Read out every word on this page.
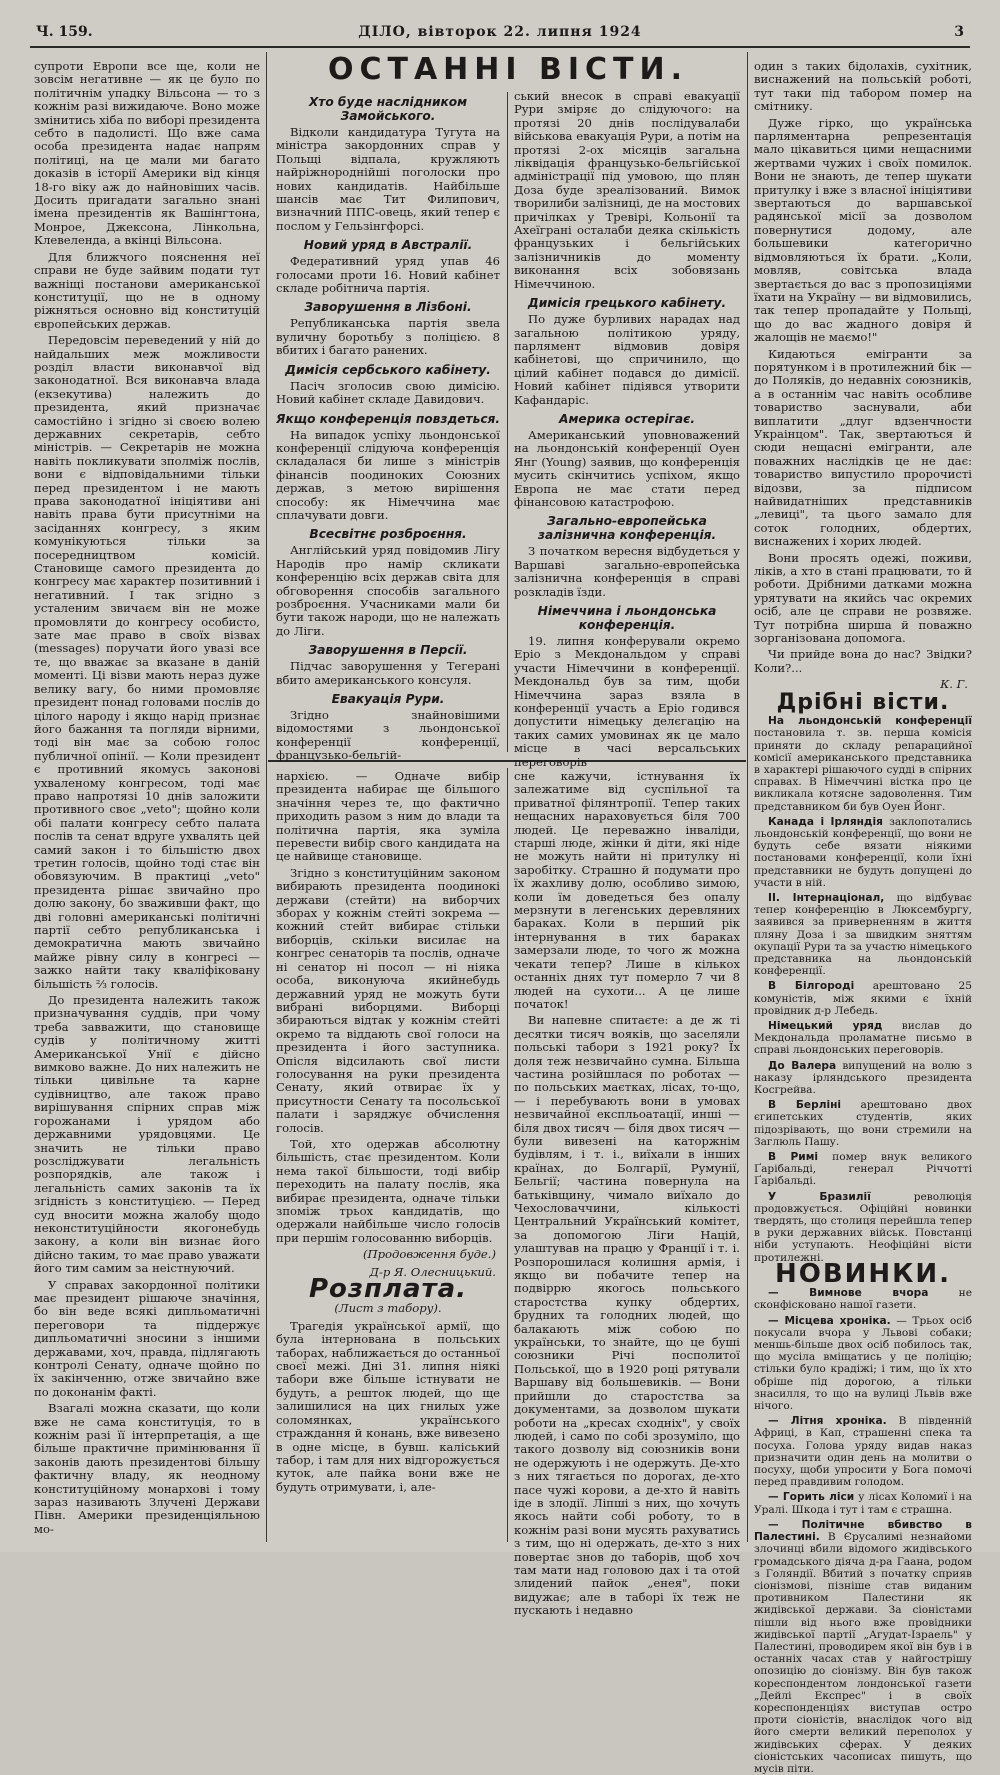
Ч. 159.	ДІЛО, вівторок 22. липня 1924	3

супроти Европи все ще, коли не зовсім негативне — як це було по політичнім упадку Вільсона — то з кожнім разі вижидаюче. Воно може змінитись хіба по виборі президента себто в падолисті. Що вже сама особа президента надає напрям політиці, на це мали ми багато доказів в історії Америки від кінця 18-го віку аж до найновіших часів. Досить пригадати загально знані імена президентів як Вашінгтона, Монрое, Джексона, Лінкольна, Клевеленда, а вкінці Вільсона.

Для ближчого пояснення неї справи не буде зайвим подати тут важніщі постанови американської конституції, що не в одному ріжняться основно від конституцій європейських держав.

Передовсім переведений у ній до найдальших меж можливости розділ власти виконавчої від законодатної. Вся виконавча влада (екзекутива) належить до президента, який призначає самостійно і згідно зі своєю волею державних секретарів, себто міністрів. — Секретарів не можна навіть покликувати зполміж послів, вони є відповідальними тільки перед президентом і не мають права законодатної ініціятиви ані навіть права бути присутніми на засіданнях конгресу, з яким комунікуються тільки за посередництвом комісій. Становище самого президента до конгресу має характер позитивний і негативний. І так згідно з усталеним звичаєм він не може промовляти до конгресу особисто, зате має право в своїх візвах (messages) поручати його увазі все те, що вважає за вказане в даній моменті. Ці візви мають нераз дуже велику вагу, бо ними промовляє президент понад головами послів до цілого народу і якщо нарід признає його бажання та погляди вірними, тоді він має за собою голос публичної опінії. — Коли президент є противний якомусь законові ухваленому конгресом, тоді має право напротязі 10 днів заложити противного своє „veto"; щойно коли обі палати конгресу себто палата послів та сенат вдруге ухвалять цей самий закон і то більшістю двох третин голосів, щойно тоді стає він обовязуючим. В практиці „veto" президента рішає звичайно про долю закону, бо зваживши факт, що дві головні американські політичні партії себто републиканська і демократична мають звичайно майже рівну силу в конгресі — зажко найти таку кваліфіковану більшість ⅔ голосів.

До президента належить також призначування суддів, при чому треба завважити, що становище судів у політичному житті Американської Унії є дійсно вимково важне. До них належить не тільки цивільне та карне судівництво, але також право вирішування спірних справ між горожанами і урядом або державними урядовцями. Це значить не тільки право розсліджувати легальність розпорядків, але також і легальність самих законів та їх згідність з конституцією. — Перед суд вносити можна жалобу щодо неконституційности якогонебудь закону, а коли він визнає його дійсно таким, то має право уважати його тим самим за неістнуючий.

У справах закордонної політики має президент рішаюче значіння, бо він веде всякі дипльоматичні переговори та піддержує дипльоматичні зносини з іншими державами, хоч, правда, підлягають контролі Сенату, одначе щойно по їх закінченню, отже звичайно вже по доконанім факті.

Взагалі можна сказати, що коли вже не сама конституція, то в кожнім разі її інтерпретація, а ще більше практичне примінювання її законів дають президентові більшу фактичну владу, як неодному конституційному монархові і тому зараз називають Злучені Держави Півн. Америки президенціяльною мо-

ОСТАННІ ВІСТИ.
Хто буде наслідником Замойського.

Відколи кандидатура Тугута на міністра закордонних справ у Польщі відпала, кружляють найріжнороднійші поголоски про нових кандидатів. Найбільше шансів має Тит Филипович, визначний ППС-овець, який тепер є послом у Гельзінгфорсі.

Новий уряд в Австралії.

Федеративний уряд упав 46 голосами проти 16. Новий кабінет складе робітнича партія.

Заворушення в Лізбоні.

Републиканська партія звела вуличну боротьбу з поліцією. 8 вбитих і багато ранених.

Димісія сербського кабінету.

Пасіч зголосив свою димісію. Новий кабінет складе Давидович.

Якщо конференція повздеться.

На випадок успіху льондонської конференції слідуюча конференція складалася би лише з міністрів фінансів поодиноких Союзних держав, з метою вирішення способу: як Німеччина має сплачувати довги.

Всесвітнє розброєння.

Англійський уряд повідомив Лігу Народів про намір скликати конференцію всіх держав світа для обговорення способів загального розброєння. Учасниками мали би бути також народи, що не належать до Ліги.

Заворушення в Персії.

Підчас заворушення у Тегерані вбито американського консуля.

Евакуація Рури.

Згідно знайновішими відомостями з льондонської конференції конференції, французько-бельгій-

ський внесок в справі евакуації Рури зміряє до слідуючого: на протязі 20 днів послідувалаби військова евакуація Рури, а потім на протязі 2-ох місяців загальна ліквідація французько-бельгійської адміністрації під умовою, що плян Доза буде зреалізований. Вимок творилиби залізниці, де на мостових причілках у Тревірі, Кольонії та Ахеїграні осталаби деяка скількість французьких і бельгійських залізничників до моменту виконання всіх зобовязань Німеччиною.

Димісія грецького кабінету.

По дуже бурливих нарадах над загальною політикою уряду, парлямент відмовив довіря кабінетові, що спричинило, що цілий кабінет подався до димісії. Новий кабінет підіявся утворити Кафандаріс.

Америка остерігає.

Американський уповноважений на льондонській конференції Оуен Янг (Young) заявив, що конференція мусить скінчитись успіхом, якщо Европа не має стати перед фінансовою катастрофою.

Загально-европейська залізнична конференція.

З початком вересня відбудеться у Варшаві загально-европейська залізнична конференція в справі розкладів їзди.

Німеччина і льондонська конференція.

19. липня конферували окремо Еріо з Мекдональдом у справі участи Німеччини в конференції. Мекдональд був за тим, щоби Німеччина зараз взяла в конференції участь а Еріо годився допустити німецьку делєгацію на таких самих умовинах як це мало місце в часі версальських переговорів

нархією. — Одначе вибір президента набирає ще більшого значіння через те, що фактично приходить разом з ним до влади та політична партія, яка зуміла перевести вибір свого кандидата на це найвище становище.

Згідно з конституційним законом вибирають президента поодинокі держави (стейти) на виборчих зборах у кожнім стейті зокрема — кожний стейт вибирає стільки виборців, скільки висилає на конгрес сенаторів та послів, одначе ні сенатор ні посол — ні ніяка особа, виконуюча якийнебудь державний уряд не можуть бути вибрані виборцями. Виборці збираються відтак у кожнім стейті окремо та віддають свої голоси на президента і його заступника. Опісля відсилають свої листи голосування на руки президента Сенату, який отвирає їх у присутности Сенату та посольської палати і заряджує обчислення голосів.

Той, хто одержав абсолютну більшість, стає президентом. Коли нема такої більшости, тоді вибір переходить на палату послів, яка вибирає президента, одначе тільки зпоміж трьох кандидатів, що одержали найбільше число голосів при першім голосованню виборців.

(Продовження буде.)
Д-р Я. Олесницький.
Розплата.
(Лист з табору).

Трагедія української армії, що була інтернована в польських таборах, наближається до останньої своєї межі. Дні 31. липня ніякі табори вже більше істнувати не будуть, а решток людей, що ще залишилися на цих гнилых уже соломянках, українського страждання й конань, вже вивезено в одне місце, в бувш. каліський табор, і там для них відгорожується куток, але пайка вони вже не будуть отримувати, і, але-

сне кажучи, істнування їх залежатиме від суспільної та приватної філянтропії. Тепер таких нещасних нараховується біля 700 людей. Це переважно інваліди, старші люде, жінки й діти, які ніде не можуть найти ні притулку ні заробітку. Страшно й подумати про їх жахливу долю, особливо зимою, коли їм доведеться без опалу мерзнути в легенських деревляних бараках. Коли в перший рік інтернування в тих бараках замерзали люде, то чого ж можна чекати тепер? Лише в кількох останніх днях тут померло 7 чи 8 людей на сухоти... А це лише початок!

Ви напевне спитаєте: а де ж ті десятки тисяч вояків, що заселяли польські табори з 1921 року? Їх доля теж незвичайно сумна. Більша частина розійшлася по роботах — по польських маєтках, лісах, то-що, — і перебувають вони в умовах незвичайної експльоатації, инші — біля двох тисяч — біля двох тисяч — були вивезені на каторжнім будівлям, і т. і., виїхали в інших країнах, до Болгарії, Румунії, Бельгії; частина повернула на батьківщину, чимало виїхало до Чехословаччини, кількості Центральний Український комітет, за допомогою Ліги Націй, улаштував на працю у Франції і т. і. Розпорошилася колишня армія, і якщо ви побачите тепер на подвіррю якогось польського старостства купку обдертих, брудних та голодних людей, що балакають між собою по українськи, то знайте, що це буші союзники Річі посполитої Польської, що в 1920 році рятували Варшаву від большевиків. — Вони прийшли до старостства за документами, за дозволом шукати роботи на „кресах сходніх", у своїх людей, і само по собі зрозуміло, що такого дозволу від союзників вони не одержують і не одержуть. Де-хто з них тягається по дорогах, де-хто пасе чужі корови, а де-хто й навіть іде в злодії. Ліпші з них, що хочуть якось найти собі роботу, то в кожнім разі вони мусять рахуватись з тим, що ні одержать, де-хто з них повертає знов до таборів, щоб хоч там мати над головою дах і та отой злидений пайок „енея", поки видужає; але в таборі їх теж не пускають і недавно

один з таких бідолахів, сухітник, виснажений на польській роботі, тут таки під табором помер на смітнику.

Дуже гірко, що українська парляментарна репрезентація мало цікавиться цими нещасними жертвами чужих і своїх помилок. Вони не знають, де тепер шукати притулку і вже з власної ініціятиви звертаються до варшавської радянської місії за дозволом повернутися додому, але большевики категорично відмовляються їх брати. „Коли, мовляв, совітська влада звертається до вас з пропозиціями їхати на Україну — ви відмовились, так тепер пропадайте у Польщі, що до вас жадного довіря й жалощів не маємо!"

Кидаються емігранти за порятунком і в протилежний бік — до Поляків, до недавніх союзників, а в останнім час навіть особливе товариство заснували, аби виплатити „длуг вдзенчности Украінцом". Так, звертаються й сюди нещасні емігранти, але поважних наслідків це не дає: товариство випустило пророчисті відозви, за підписом найвидатніших представників „левиці", та цього замало для соток голодних, обдертих, виснажених і хорих людей.

Вони просять одежі, поживи, ліків, а хто в стані працювати, то й роботи. Дрібними датками можна урятувати на якийсь час окремих осіб, але це справи не розвяже. Тут потрібна ширша й поважно зорганізована допомога.

Чи прийде вона до нас? Звідки? Коли?...

К. Г.
Дрібні вісти.

На льондонській конференції постановила т. зв. перша комісія приняти до складу репарацийної комісії американського представника в характері рішаючого судді в спірних справах. В Німеччині вістка про це викликала котясне задоволення. Тим представником би був Оуен Йонг.

Канада і Ірляндія заклопотались льондонській конференції, що вони не будуть себе вязати ніякими постановами конференції, коли їхні представники не будуть допущені до участи в ній.

ІІ. Інтернаціонал, що відбуває тепер конференцію в Люксембургу, заявився за приверненням в життя пляну Доза і за швидким зняттям окупації Рури та за участю німецького представника на льондонській конференції.

В Білгороді арештовано 25 комуністів, між якими є їхній провідник д-р Лебедь.

Німецький уряд вислав до Мекдональда проламатне письмо в справі льондонських переговорів.

До Валера випущений на волю з наказу ірляндського президента Косгрейва.

В Берліні арештовано двох єгипетських студентів, яких підозрівають, що вони стремили на Заглюль Пашу.

В Римі помер внук великого Ґарібальді, генерал Річчотті Ґарібальді.

У Бразилії революція продовжується. Офіційні новинки твердять, що столиця перейшла тепер в руки державних військ. Повстанці ніби уступають. Неофіційні вісти протилежні.

НОВИНКИ.

— Вимнове вчора не сконфісковано нашої газети.

— Місцева хроніка. — Трьох осіб покусали вчора у Львові собаки; меншь-більше двох осіб побилось так, що мусіла вміщатись у це поліцію; стільки було крадіжі; і тим, що їх хто обріше під дорогою, а тільки знасилля, то що на вулиці Львів вже нічого.

— Літня хроніка. В південній Африці, в Кап, страшенні спека та посуха. Голова уряду видав наказ призначити один день на молитви о посуху, щоби упросити у Бога помочі перед правдивим голодом.

— Горить ліси у лісах Коломиї і на Уралі. Шкода і тут і там є страшна.

— Політичне вбивство в Палестині. В Єрусалимі незнайоми злочинці вбили відомого жидівського громадського діяча д-ра Гаана, родом з Голяндії. Вбитий з початку сприяв сіонізмові, пізніше став виданим противником Палестини як жидівської держави. За сіоністами пішли від нього вже провідники жидівської партії „Агудат-Ізраель" у Палестині, проводирем якої він був і в останніх часах став у найгострішу опозицію до сіонізму. Він був також кореспондентом лондонської газети „Дейлі Експрес" і в своїх кореспонденціях виступав остро проти сіоністів, внаслідок чого від його смерти великий переполох у жидівських сферах. У деяких сіоністських часописах пишуть, що мусів піти.
